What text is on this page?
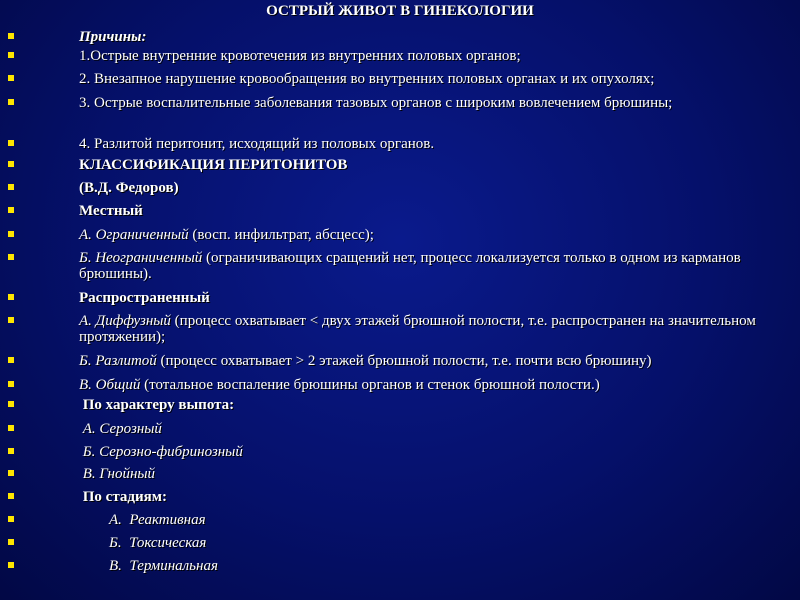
ОСТРЫЙ ЖИВОТ В ГИНЕКОЛОГИИ
Причины:
1.Острые внутренние кровотечения из внутренних половых органов;
2. Внезапное нарушение кровообращения во внутренних половых органах и их опухолях;
3. Острые воспалительные заболевания тазовых органов с широким вовлечением брюшины;
4. Разлитой перитонит, исходящий из половых органов.
КЛАССИФИКАЦИЯ ПЕРИТОНИТОВ
(В.Д. Федоров)
Местный
А. Ограниченный (восп. инфильтрат, абсцесс);
Б. Неограниченный (ограничивающих сращений нет, процесс локализуется только в одном из карманов брюшины).
Распространенный
А. Диффузный (процесс охватывает < двух этажей брюшной полости, т.е. распространен на значительном протяжении);
Б. Разлитой (процесс охватывает > 2 этажей брюшной полости, т.е. почти всю брюшину)
В. Общий (тотальное воспаление брюшины органов и стенок брюшной полости.)
По характеру выпота:
А. Серозный
Б. Серозно-фибринозный
В. Гнойный
По стадиям:
А.  Реактивная
Б.  Токсическая
В.  Терминальная
